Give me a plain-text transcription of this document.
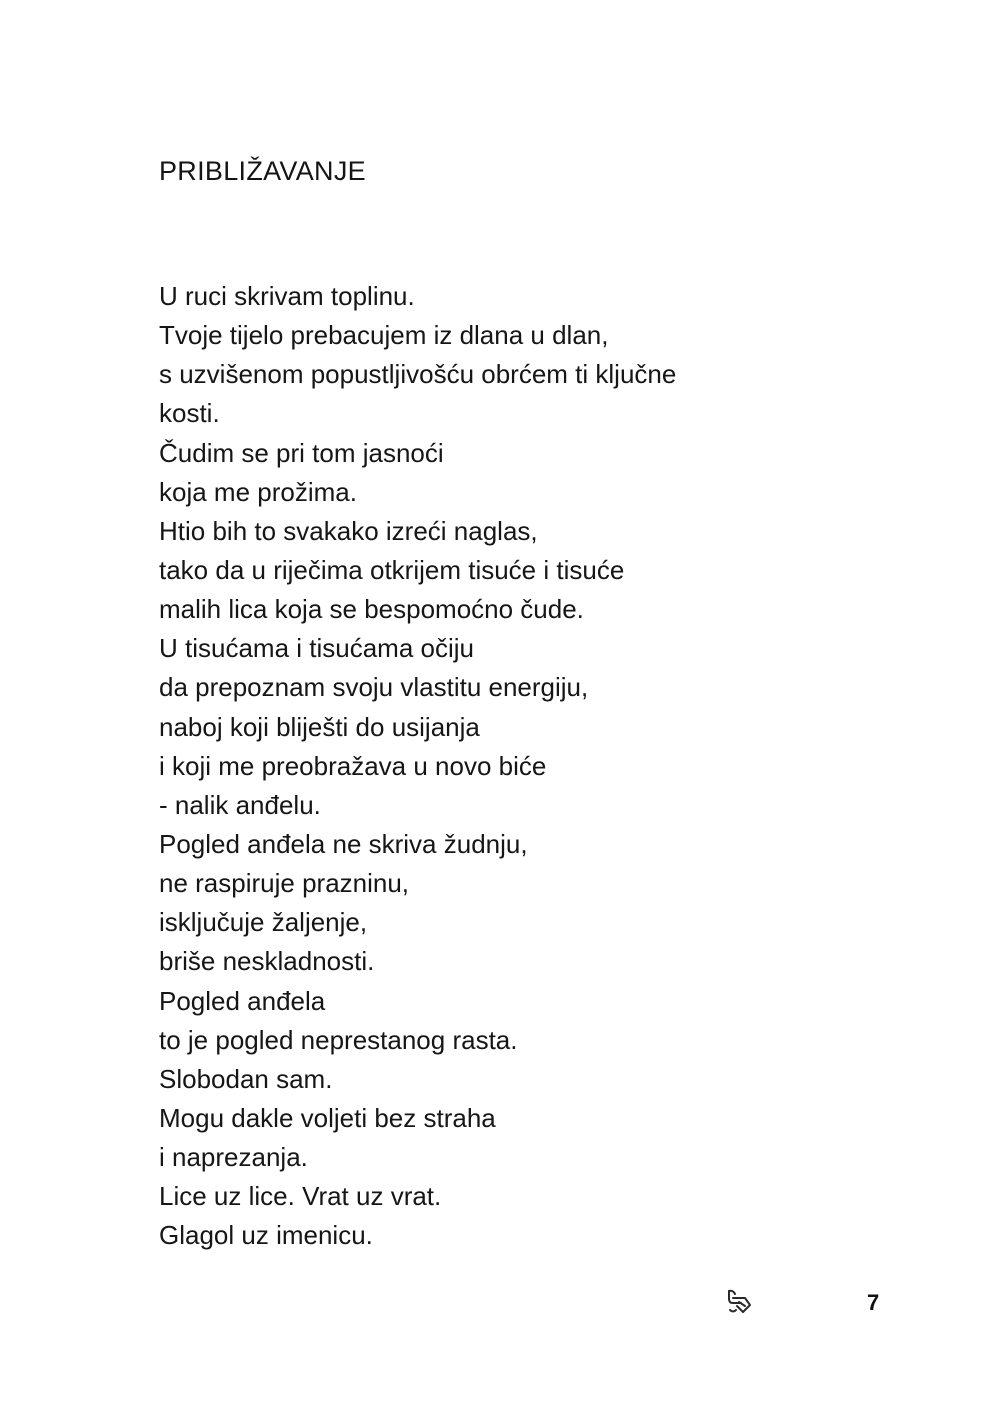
PRIBLIŽAVANJE
U ruci skrivam toplinu.
Tvoje tijelo prebacujem iz dlana u dlan,
s uzvišenom popustljivošću obrćem ti ključne
kosti.
Čudim se pri tom jasnoći
koja me prožima.
Htio bih to svakako izreći naglas,
tako da u riječima otkrijem tisuće i tisuće
malih lica koja se bespomoćno čude.
U tisućama i tisućama očiju
da prepoznam svoju vlastitu energiju,
naboj koji bliješti do usijanja
i koji me preobražava u novo biće
- nalik anđelu.
Pogled anđela ne skriva žudnju,
ne raspiruje prazninu,
isključuje žaljenje,
briše neskladnosti.
Pogled anđela
to je pogled neprestanog rasta.
Slobodan sam.
Mogu dakle voljeti bez straha
i naprezanja.
Lice uz lice. Vrat uz vrat.
Glagol uz imenicu.
7
